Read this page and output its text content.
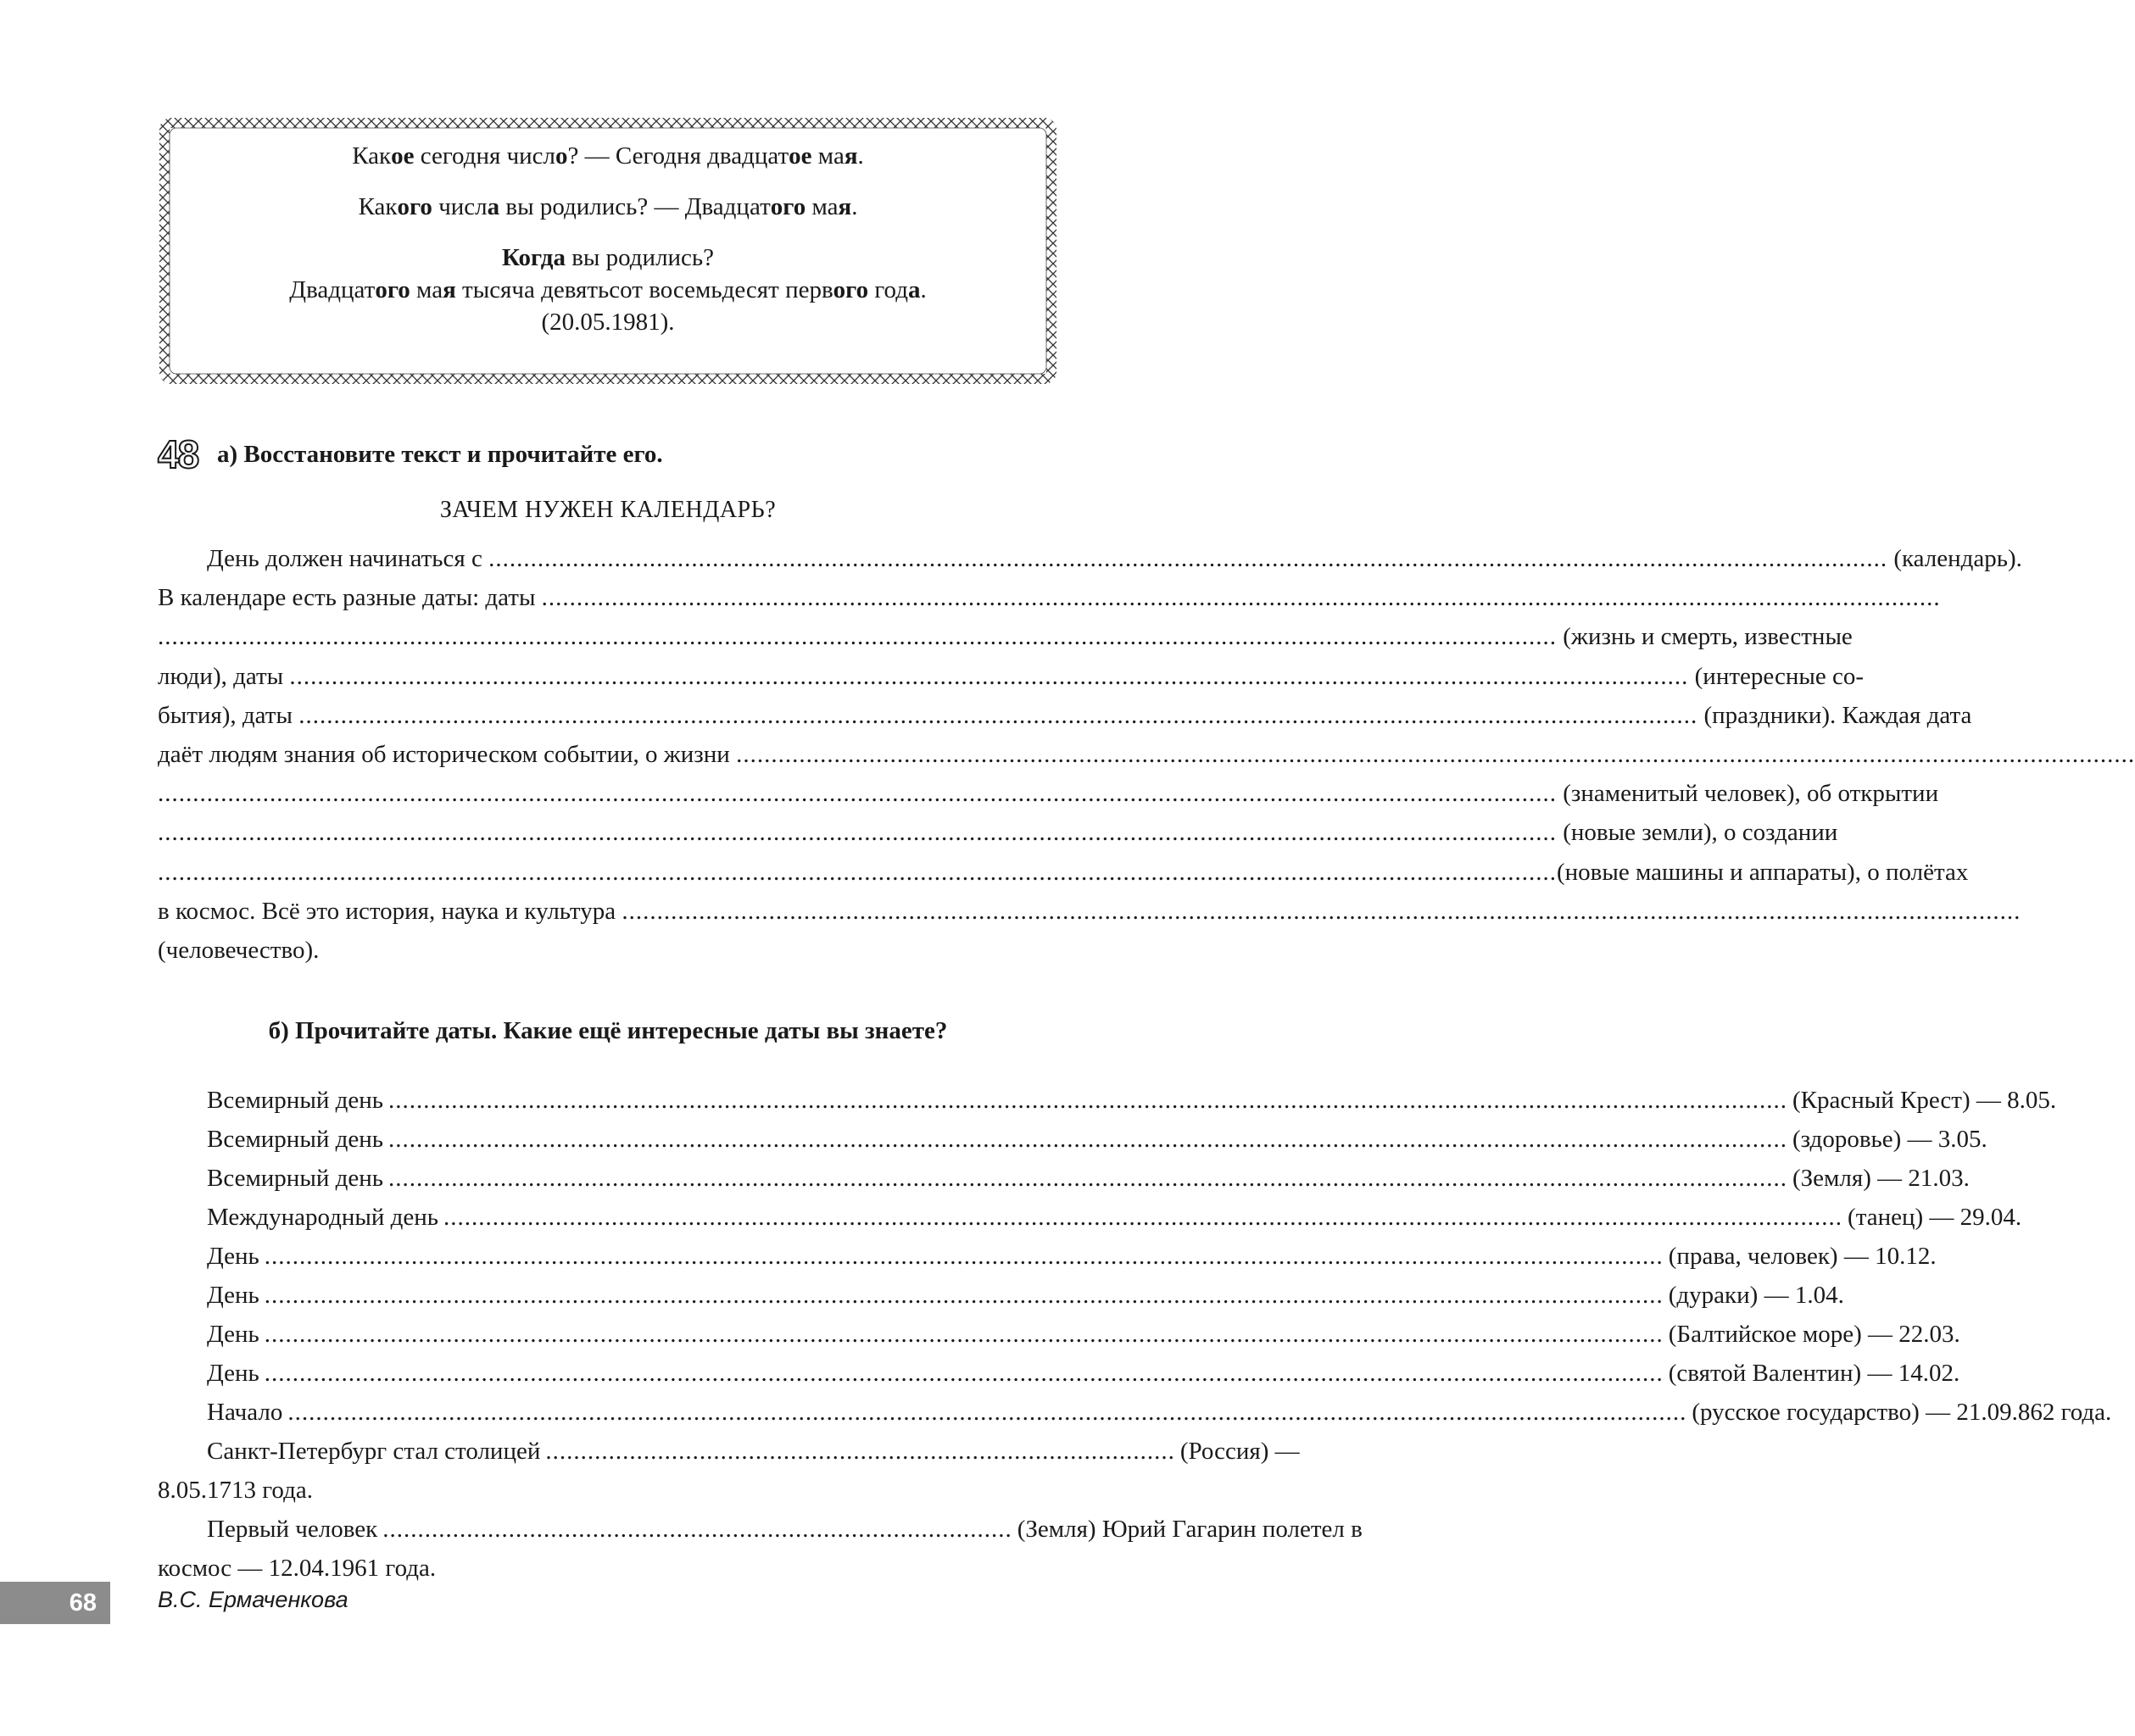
Какое сегодня число? — Сегодня двадцатое мая.

Какого числа вы родились? — Двадцатого мая.

Когда вы родились?

Двадцатого мая тысяча девятьсот восемьдесят первого года.

(20.05.1981).

48 а) Восстановите текст и прочитайте его.
ЗАЧЕМ НУЖЕН КАЛЕНДАРЬ?
День должен начинаться с ........................................................................................................................................................................................................ (календарь).
В календаре есть разные даты: даты ........................................................................................................................................................................................................
........................................................................................................................................................................................................ (жизнь и смерть, известные
люди), даты ........................................................................................................................................................................................................ (интересные со-
бытия), даты ........................................................................................................................................................................................................ (праздники). Каждая дата
даёт людям знания об историческом событии, о жизни ........................................................................................................................................................................................................
........................................................................................................................................................................................................ (знаменитый человек), об открытии
........................................................................................................................................................................................................ (новые земли), о создании
........................................................................................................................................................................................................ (новые машины и аппараты), о полётах
в космос. Всё это история, наука и культура ........................................................................................................................................................................................................
(человечество).
б) Прочитайте даты. Какие ещё интересные даты вы знаете?
Всемирный день ........................................................................................................................................................................................................ (Красный Крест) — 8.05.
Всемирный день ........................................................................................................................................................................................................ (здоровье) — 3.05.
Всемирный день ........................................................................................................................................................................................................ (Земля) — 21.03.
Международный день ........................................................................................................................................................................................................ (танец) — 29.04.
День ........................................................................................................................................................................................................ (права, человек) — 10.12.
День ........................................................................................................................................................................................................ (дураки) — 1.04.
День ........................................................................................................................................................................................................ (Балтийское море) — 22.03.
День ........................................................................................................................................................................................................ (святой Валентин) — 14.02.
Начало ........................................................................................................................................................................................................ (русское государство) — 21.09.862 года.
Санкт-Петербург стал столицей .......................................................................................... (Россия) —
8.05.1713 года.
Первый человек .......................................................................................... (Земля) Юрий Гагарин полетел в
космос — 12.04.1961 года.
68	В.С. Ермаченкова
